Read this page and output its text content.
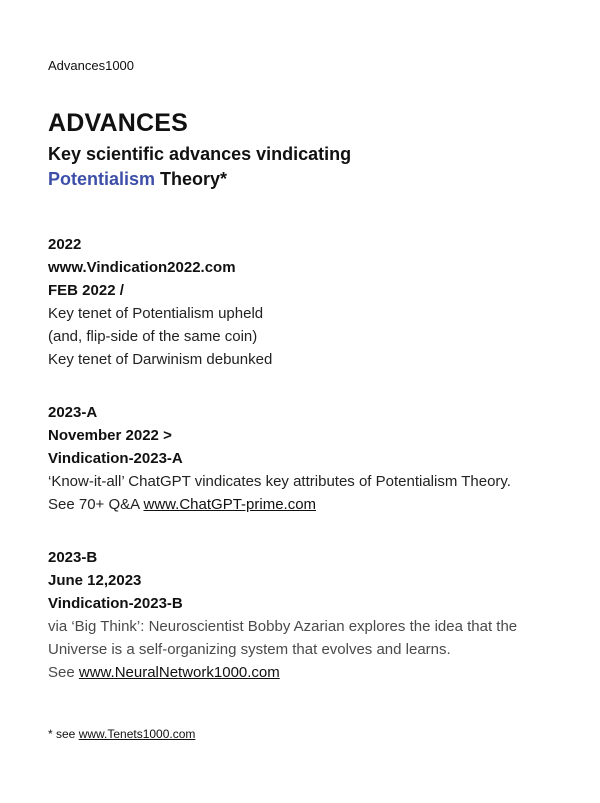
Advances1000
ADVANCES
Key scientific advances vindicating
Potentialism Theory*
2022
www.Vindication2022.com
FEB 2022 /
Key tenet of Potentialism upheld
(and, flip-side of the same coin)
Key tenet of Darwinism debunked
2023-A
November 2022 >
Vindication-2023-A
‘Know-it-all’ ChatGPT vindicates key attributes of Potentialism Theory.
See 70+ Q&A www.ChatGPT-prime.com
2023-B
June 12,2023
Vindication-2023-B
via ‘Big Think’: Neuroscientist Bobby Azarian explores the idea that the
Universe is a self-organizing system that evolves and learns.
See www.NeuralNetwork1000.com
* see www.Tenets1000.com
